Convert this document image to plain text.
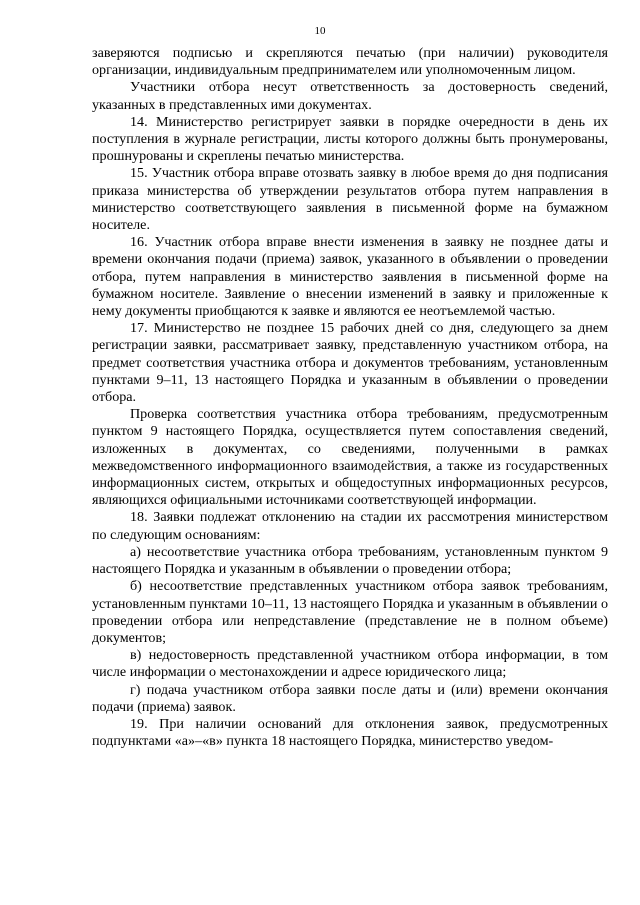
10

заверяются подписью и скрепляются печатью (при наличии) руководителя организации, индивидуальным предпринимателем или уполномоченным лицом.

Участники отбора несут ответственность за достоверность сведений, указанных в представленных ими документах.

14. Министерство регистрирует заявки в порядке очередности в день их поступления в журнале регистрации, листы которого должны быть пронумерованы, прошнурованы и скреплены печатью министерства.

15. Участник отбора вправе отозвать заявку в любое время до дня подписания приказа министерства об утверждении результатов отбора путем направления в министерство соответствующего заявления в письменной форме на бумажном носителе.

16. Участник отбора вправе внести изменения в заявку не позднее даты и времени окончания подачи (приема) заявок, указанного в объявлении о проведении отбора, путем направления в министерство заявления в письменной форме на бумажном носителе. Заявление о внесении изменений в заявку и приложенные к нему документы приобщаются к заявке и являются ее неотъемлемой частью.

17. Министерство не позднее 15 рабочих дней со дня, следующего за днем регистрации заявки, рассматривает заявку, представленную участником отбора, на предмет соответствия участника отбора и документов требованиям, установленным пунктами 9–11, 13 настоящего Порядка и указанным в объявлении о проведении отбора.

Проверка соответствия участника отбора требованиям, предусмотренным пунктом 9 настоящего Порядка, осуществляется путем сопоставления сведений, изложенных в документах, со сведениями, полученными в рамках межведомственного информационного взаимодействия, а также из государственных информационных систем, открытых и общедоступных информационных ресурсов, являющихся официальными источниками соответствующей информации.

18. Заявки подлежат отклонению на стадии их рассмотрения министерством по следующим основаниям:

а) несоответствие участника отбора требованиям, установленным пунктом 9 настоящего Порядка и указанным в объявлении о проведении отбора;

б) несоответствие представленных участником отбора заявок требованиям, установленным пунктами 10–11, 13 настоящего Порядка и указанным в объявлении о проведении отбора или непредставление (представление не в полном объеме) документов;

в) недостоверность представленной участником отбора информации, в том числе информации о местонахождении и адресе юридического лица;

г) подача участником отбора заявки после даты и (или) времени окончания подачи (приема) заявок.

19. При наличии оснований для отклонения заявок, предусмотренных подпунктами «а»–«в» пункта 18 настоящего Порядка, министерство уведом-
